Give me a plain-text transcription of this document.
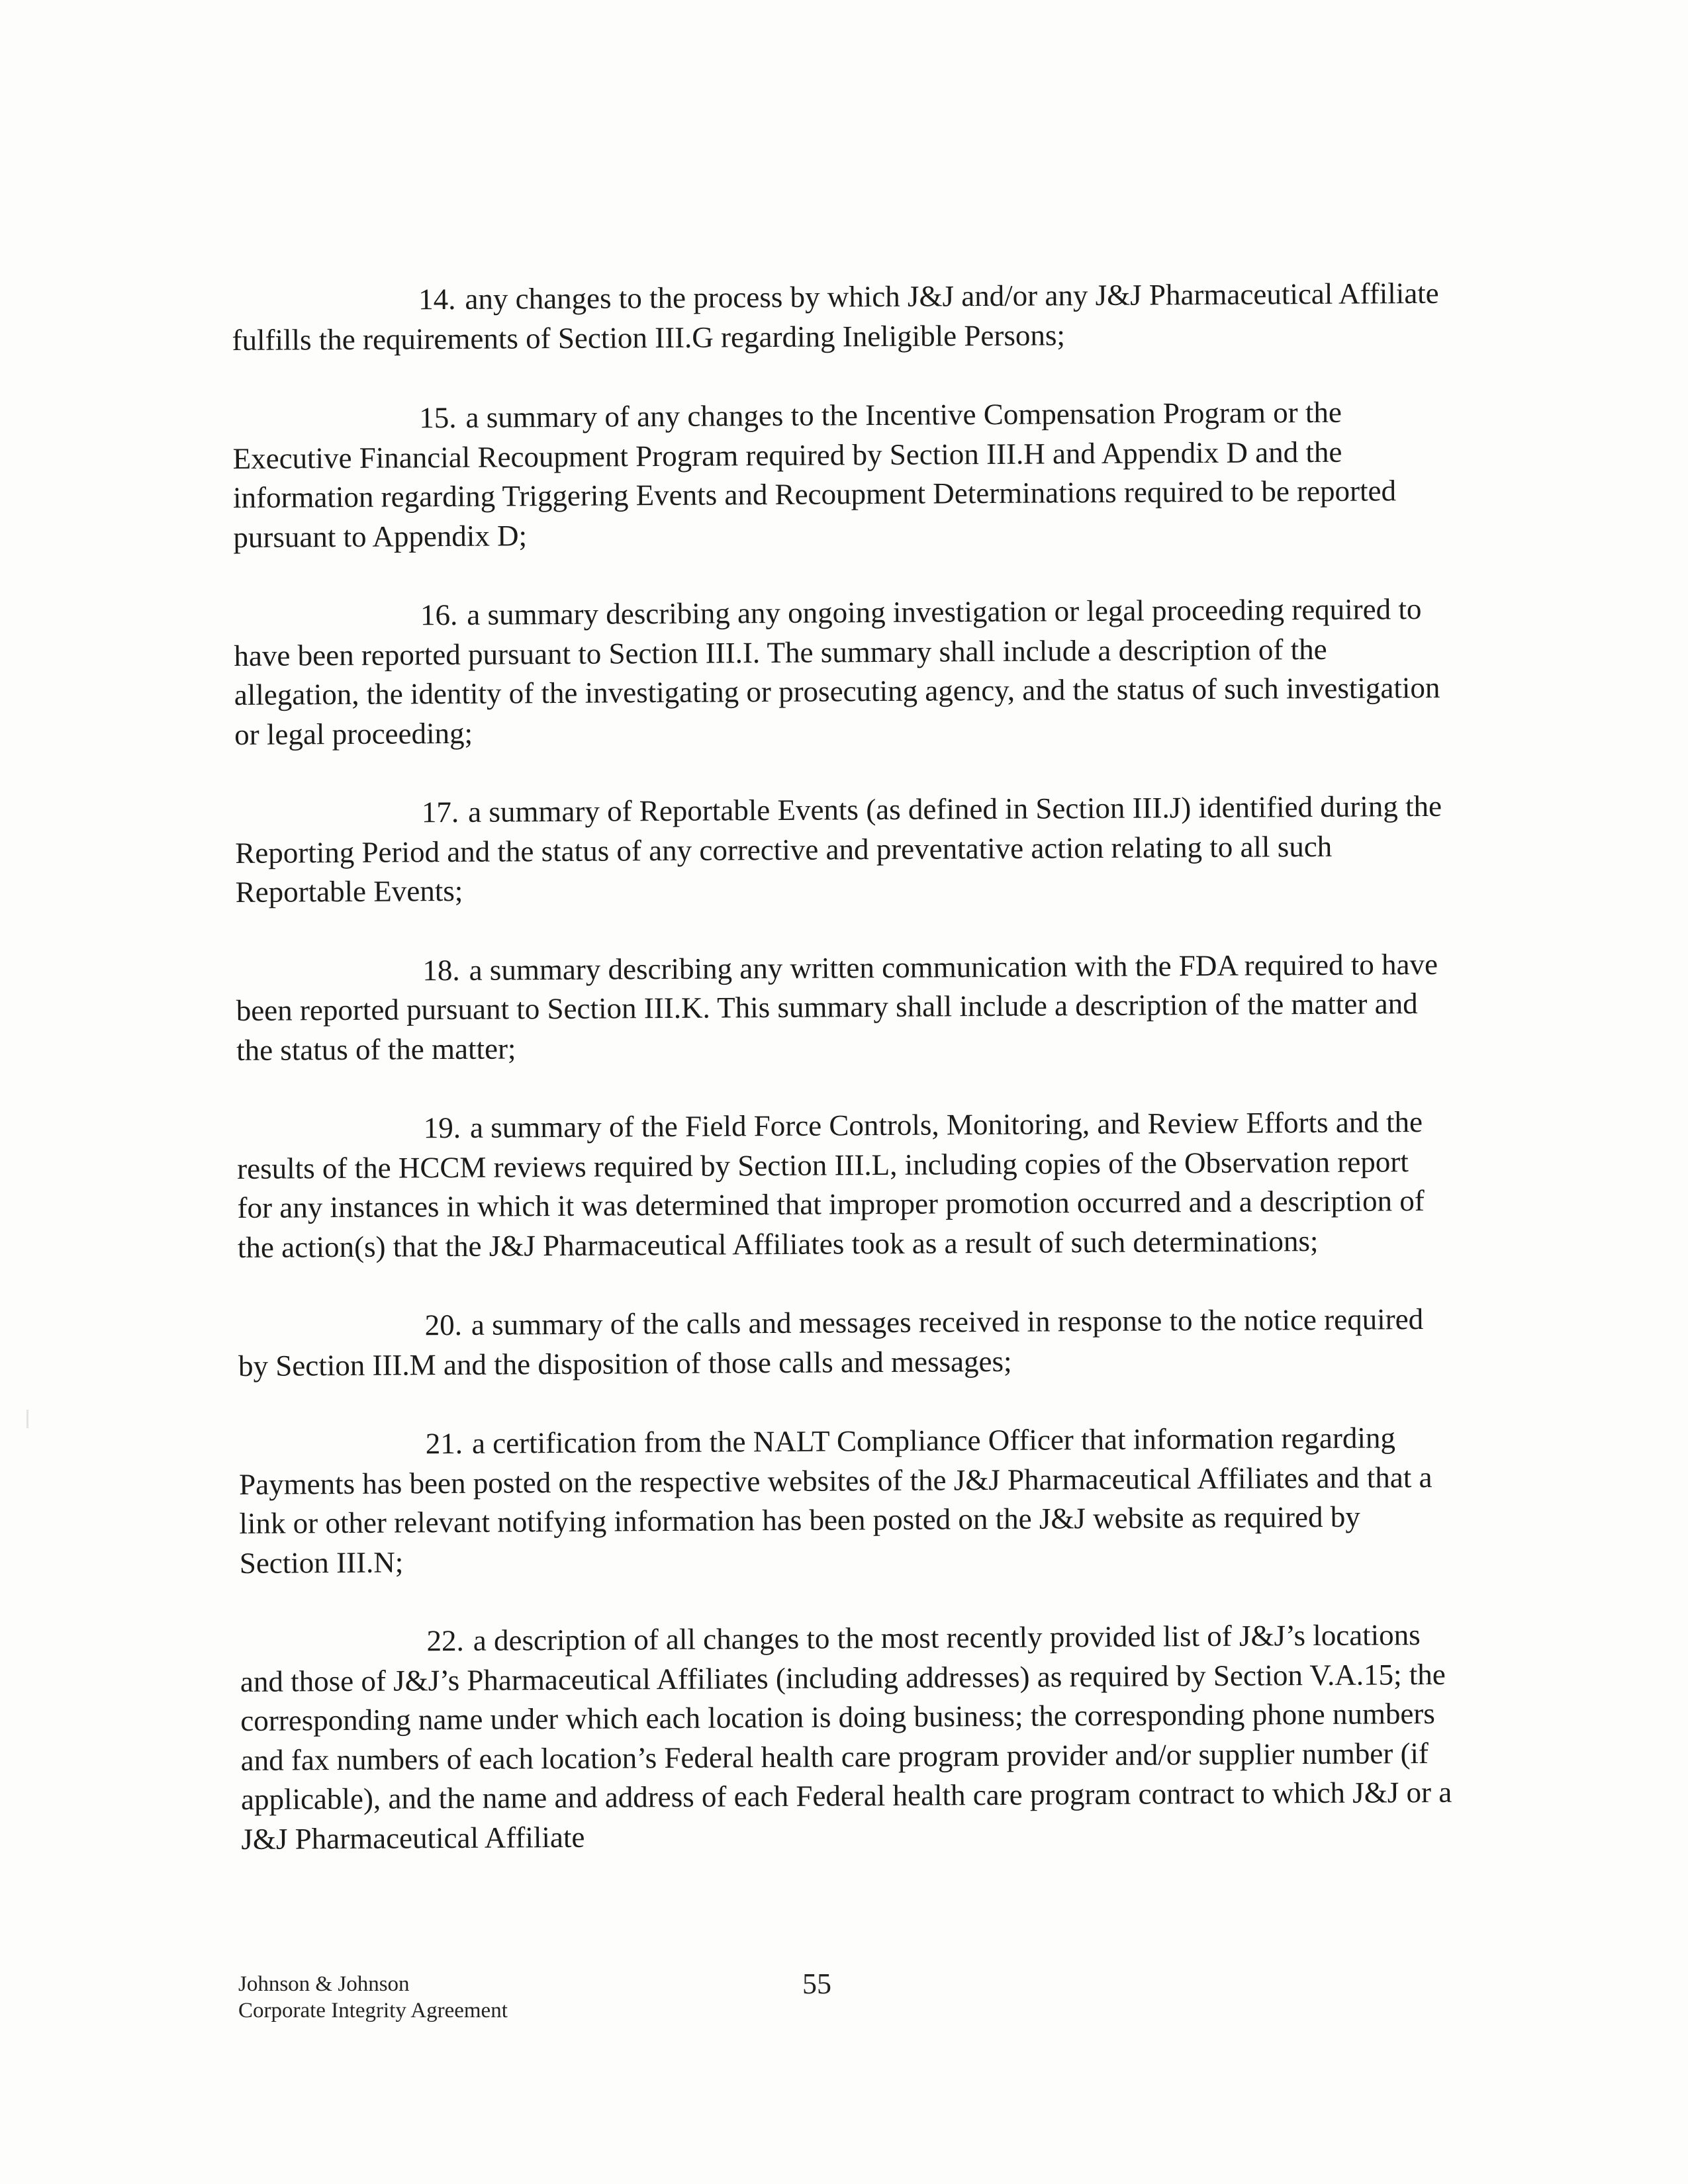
14. any changes to the process by which J&J and/or any J&J Pharmaceutical Affiliate fulfills the requirements of Section III.G regarding Ineligible Persons;

15. a summary of any changes to the Incentive Compensation Program or the Executive Financial Recoupment Program required by Section III.H and Appendix D and the information regarding Triggering Events and Recoupment Determinations required to be reported pursuant to Appendix D;

16. a summary describing any ongoing investigation or legal proceeding required to have been reported pursuant to Section III.I. The summary shall include a description of the allegation, the identity of the investigating or prosecuting agency, and the status of such investigation or legal proceeding;

17. a summary of Reportable Events (as defined in Section III.J) identified during the Reporting Period and the status of any corrective and preventative action relating to all such Reportable Events;

18. a summary describing any written communication with the FDA required to have been reported pursuant to Section III.K. This summary shall include a description of the matter and the status of the matter;

19. a summary of the Field Force Controls, Monitoring, and Review Efforts and the results of the HCCM reviews required by Section III.L, including copies of the Observation report for any instances in which it was determined that improper promotion occurred and a description of the action(s) that the J&J Pharmaceutical Affiliates took as a result of such determinations;

20. a summary of the calls and messages received in response to the notice required by Section III.M and the disposition of those calls and messages;

21. a certification from the NALT Compliance Officer that information regarding Payments has been posted on the respective websites of the J&J Pharmaceutical Affiliates and that a link or other relevant notifying information has been posted on the J&J website as required by Section III.N;

22. a description of all changes to the most recently provided list of J&J’s locations and those of J&J’s Pharmaceutical Affiliates (including addresses) as required by Section V.A.15; the corresponding name under which each location is doing business; the corresponding phone numbers and fax numbers of each location’s Federal health care program provider and/or supplier number (if applicable), and the name and address of each Federal health care program contract to which J&J or a J&J Pharmaceutical Affiliate

Johnson & Johnson
Corporate Integrity Agreement
55
